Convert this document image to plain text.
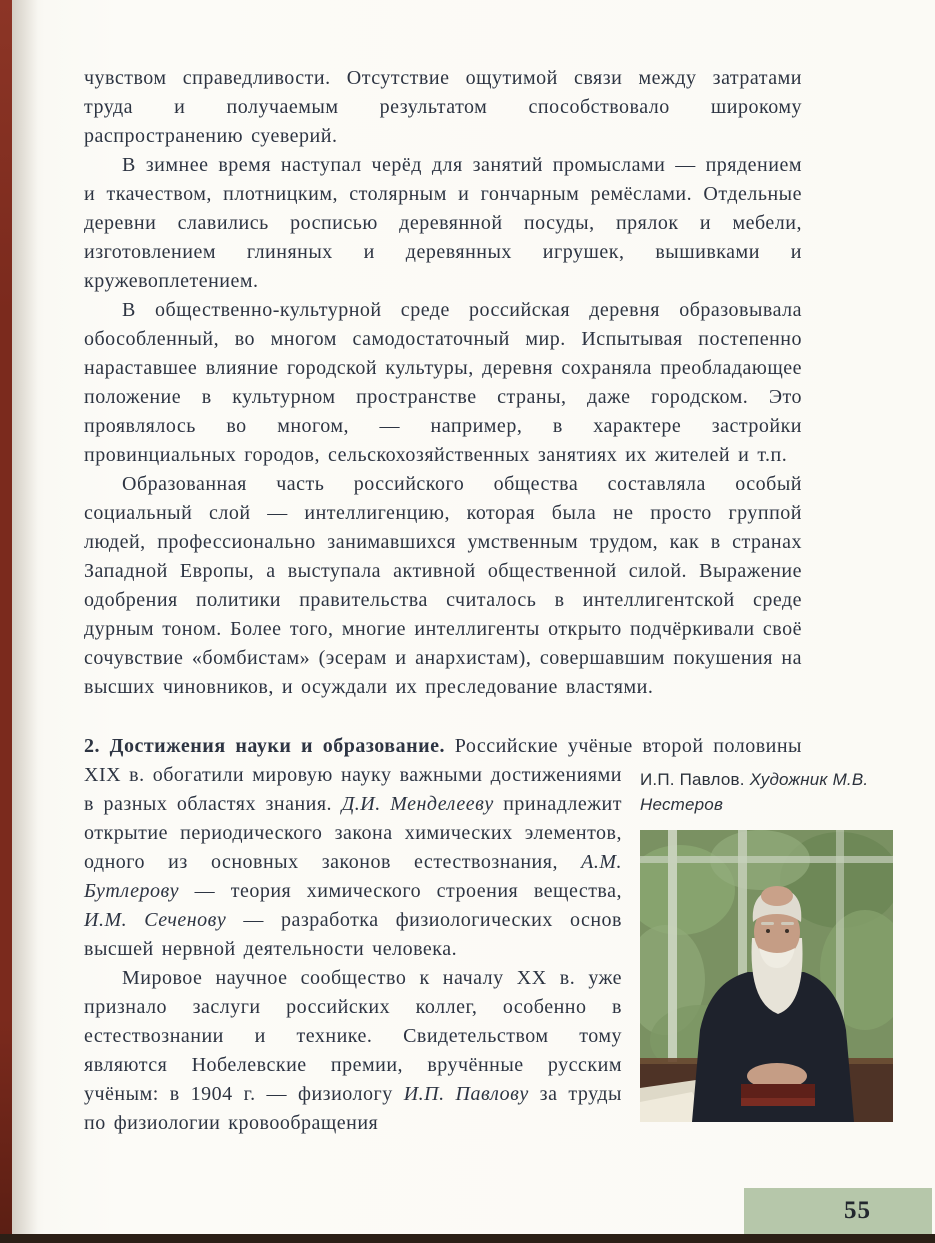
чувством справедливости. Отсутствие ощутимой связи между затратами труда и получаемым результатом способствовало широкому распространению суеверий.

В зимнее время наступал черёд для занятий промыслами — прядением и ткачеством, плотницким, столярным и гончарным ремёслами. Отдельные деревни славились росписью деревянной посуды, прялок и мебели, изготовлением глиняных и деревянных игрушек, вышивками и кружевоплетением.

В общественно-культурной среде российская деревня образовывала обособленный, во многом самодостаточный мир. Испытывая постепенно нараставшее влияние городской культуры, деревня сохраняла преобладающее положение в культурном пространстве страны, даже городском. Это проявлялось во многом, — например, в характере застройки провинциальных городов, сельскохозяйственных занятиях их жителей и т.п.

Образованная часть российского общества составляла особый социальный слой — интеллигенцию, которая была не просто группой людей, профессионально занимавшихся умственным трудом, как в странах Западной Европы, а выступала активной общественной силой. Выражение одобрения политики правительства считалось в интеллигентской среде дурным тоном. Более того, многие интеллигенты открыто подчёркивали своё сочувствие «бомбистам» (эсерам и анархистам), совершавшим покушения на высших чиновников, и осуждали их преследование властями.

2. Достижения науки и образование. Российские учёные второй половины XIX в. обогатили мировую науку важными достижениями И.П. Павлов. Художник М.В. Нестеров
в разных областях знания. Д.И. Менделееву принадлежит открытие периодического закона химических элементов, одного из основных законов естествознания, А.М. Бутлерову — теория химического строения вещества, И.М. Сеченову — разработка физиологических основ высшей нервной деятельности человека.

Мировое научное сообщество к началу XX в. уже признало заслуги российских коллег, особенно в естествознании и технике. Свидетельством тому являются Нобелевские премии, вручённые русским учёным: в 1904 г. — физиологу И.П. Павлову за труды по физиологии кровообращения

55
